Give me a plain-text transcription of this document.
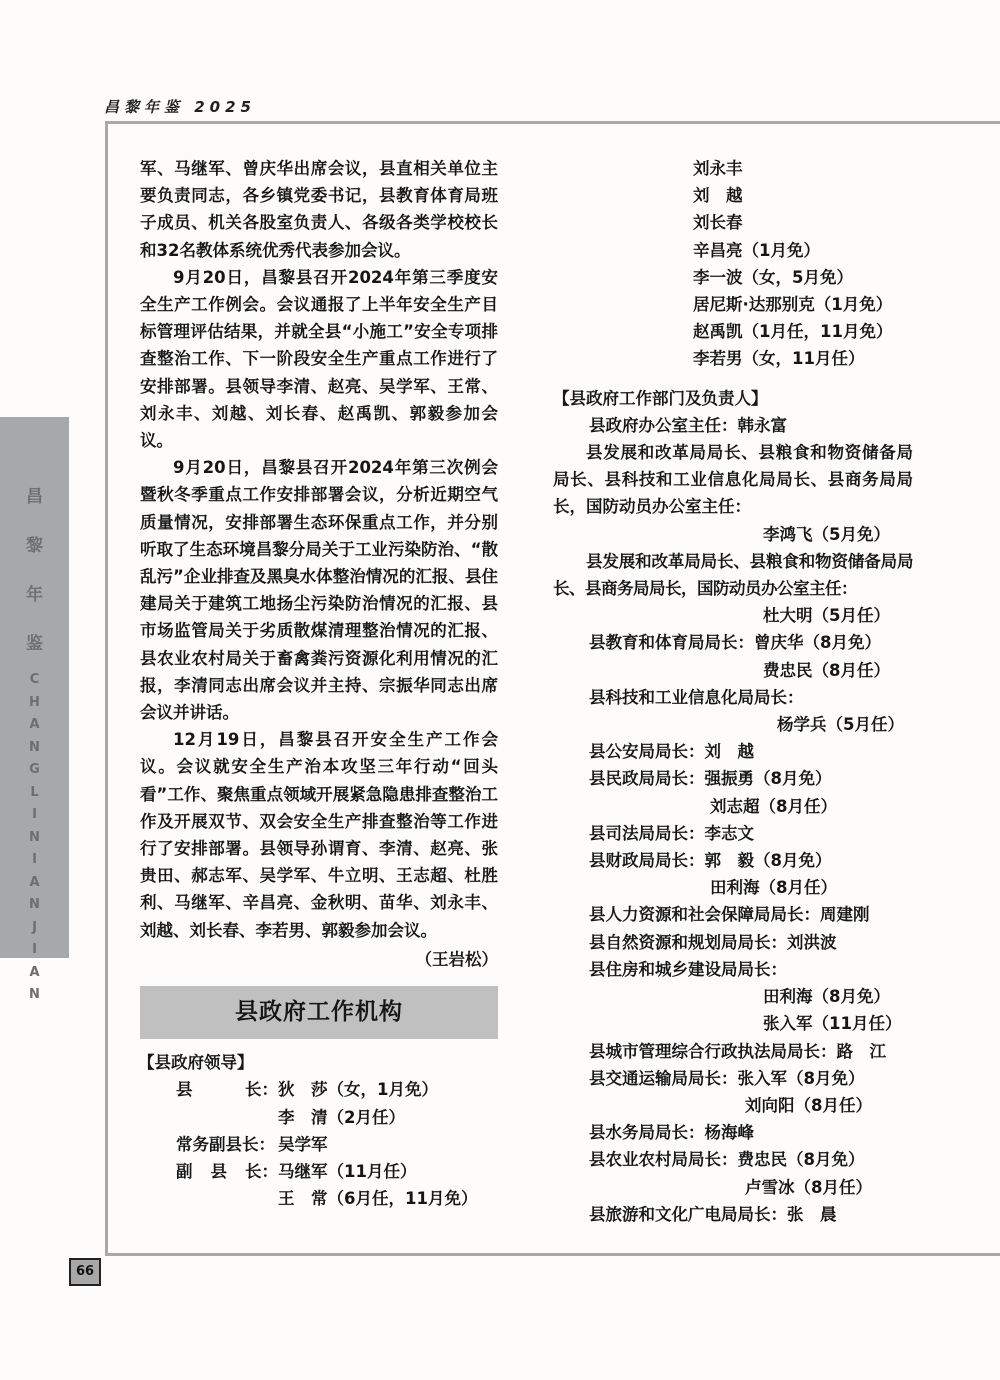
昌黎年鉴 2025
昌
黎
年
鉴
C
H
A
N
G
L
I
N
I
A
N
J
I
A
N
66

军、马继军、曾庆华出席会议，县直相关单位主要负责同志，各乡镇党委书记，县教育体育局班子成员、机关各股室负责人、各级各类学校校长和32名教体系统优秀代表参加会议。

9月20日，昌黎县召开2024年第三季度安全生产工作例会。会议通报了上半年安全生产目标管理评估结果，并就全县“小施工”安全专项排查整治工作、下一阶段安全生产重点工作进行了安排部署。县领导李清、赵亮、吴学军、王常、刘永丰、刘越、刘长春、赵禹凯、郭毅参加会议。

9月20日，昌黎县召开2024年第三次例会暨秋冬季重点工作安排部署会议，分析近期空气质量情况，安排部署生态环保重点工作，并分别听取了生态环境昌黎分局关于工业污染防治、“散乱污”企业排查及黑臭水体整治情况的汇报、县住建局关于建筑工地扬尘污染防治情况的汇报、县市场监管局关于劣质散煤清理整治情况的汇报、县农业农村局关于畜禽粪污资源化利用情况的汇报，李清同志出席会议并主持、宗振华同志出席会议并讲话。

12月19日，昌黎县召开安全生产工作会议。会议就安全生产治本攻坚三年行动“回头看”工作、聚焦重点领域开展紧急隐患排查整治工作及开展双节、双会安全生产排查整治等工作进行了安排部署。县领导孙谓育、李清、赵亮、张贵田、郝志军、吴学军、牛立明、王志超、杜胜利、马继军、辛昌亮、金秋明、苗华、刘永丰、刘越、刘长春、李若男、郭毅参加会议。

（王岩松）

县政府工作机构
【县政府领导】
县	长： 狄　莎（女，1月免）
李　清（2月任）
常务副县长： 吴学军
副 县 长： 马继军（11月任）
王　常（6月任，11月免）
刘永丰
刘　越
刘长春
辛昌亮（1月免）
李一波（女，5月免）
居尼斯·达那别克（1月免）
赵禹凯（1月任，11月免）
李若男（女，11月任）
【县政府工作部门及负责人】
县政府办公室主任：韩永富

县发展和改革局局长、县粮食和物资储备局局长、县科技和工业信息化局局长、县商务局局长，国防动员办公室主任：

李鸿飞（5月免）

县发展和改革局局长、县粮食和物资储备局局长、县商务局局长，国防动员办公室主任：

杜大明（5月任）
县教育和体育局局长：曾庆华（8月免）
费忠民（8月任）
县科技和工业信息化局局长：
杨学兵（5月任）
县公安局局长：刘　越
县民政局局长：强振勇（8月免）
刘志超（8月任）
县司法局局长：李志文
县财政局局长：郭　毅（8月免）
田利海（8月任）
县人力资源和社会保障局局长：周建刚
县自然资源和规划局局长：刘洪波
县住房和城乡建设局局长：
田利海（8月免）
张入军（11月任）
县城市管理综合行政执法局局长：路　江
县交通运输局局长：张入军（8月免）
刘向阳（8月任）
县水务局局长：杨海峰
县农业农村局局长：费忠民（8月免）
卢雪冰（8月任）
县旅游和文化广电局局长：张　晨
